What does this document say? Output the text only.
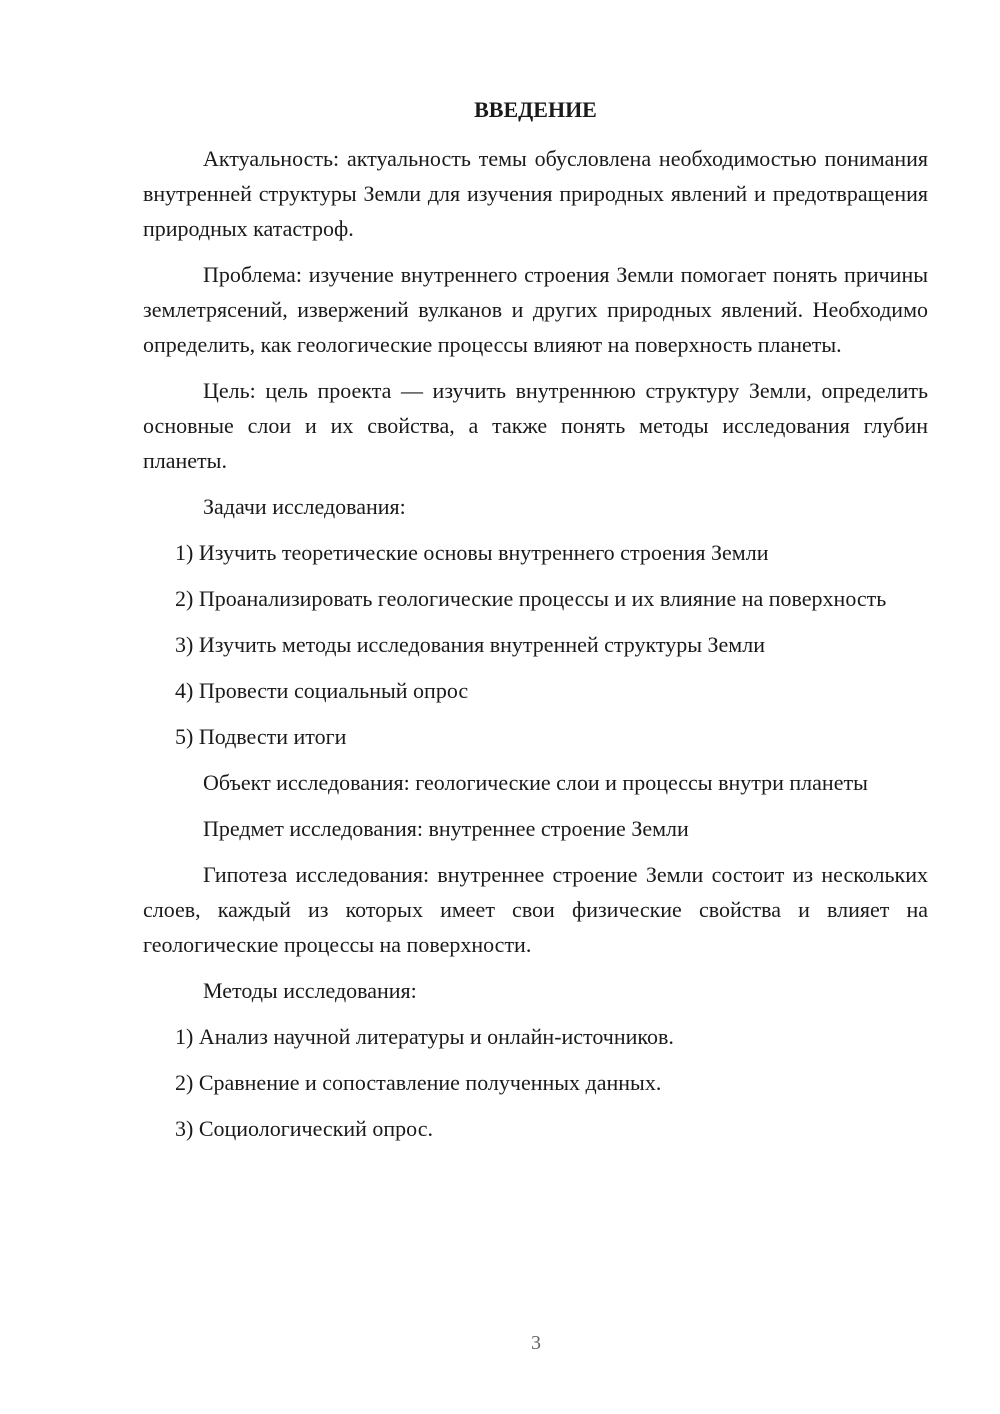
ВВЕДЕНИЕ

Актуальность: актуальность темы обусловлена необходимостью понимания внутренней структуры Земли для изучения природных явлений и предотвращения природных катастроф.

Проблема: изучение внутреннего строения Земли помогает понять причины землетрясений, извержений вулканов и других природных явлений. Необходимо определить, как геологические процессы влияют на поверхность планеты.

Цель: цель проекта — изучить внутреннюю структуру Земли, определить основные слои и их свойства, а также понять методы исследования глубин планеты.

Задачи исследования:

1) Изучить теоретические основы внутреннего строения Земли

2) Проанализировать геологические процессы и их влияние на поверхность

3) Изучить методы исследования внутренней структуры Земли

4) Провести социальный опрос

5) Подвести итоги

Объект исследования: геологические слои и процессы внутри планеты

Предмет исследования: внутреннее строение Земли

Гипотеза исследования: внутреннее строение Земли состоит из нескольких слоев, каждый из которых имеет свои физические свойства и влияет на геологические процессы на поверхности.

Методы исследования:

1) Анализ научной литературы и онлайн-источников.

2) Сравнение и сопоставление полученных данных.

3) Социологический опрос.

3
